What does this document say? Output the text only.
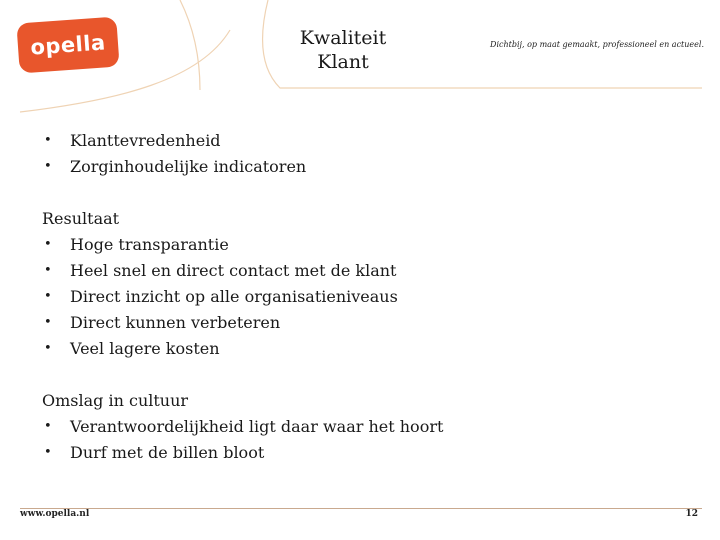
opella	Kwaliteit
Klant
Dichtbij, op maat gemaakt, professioneel en actueel.
• Klanttevredenheid
• Zorginhoudelijke indicatoren
Resultaat
• Hoge transparantie
• Heel snel en direct contact met de klant
• Direct inzicht op alle organisatieniveaus
• Direct kunnen verbeteren
• Veel lagere kosten
Omslag in cultuur
• Verantwoordelijkheid ligt daar waar het hoort
• Durf met de billen bloot
www.opella.nl	12
